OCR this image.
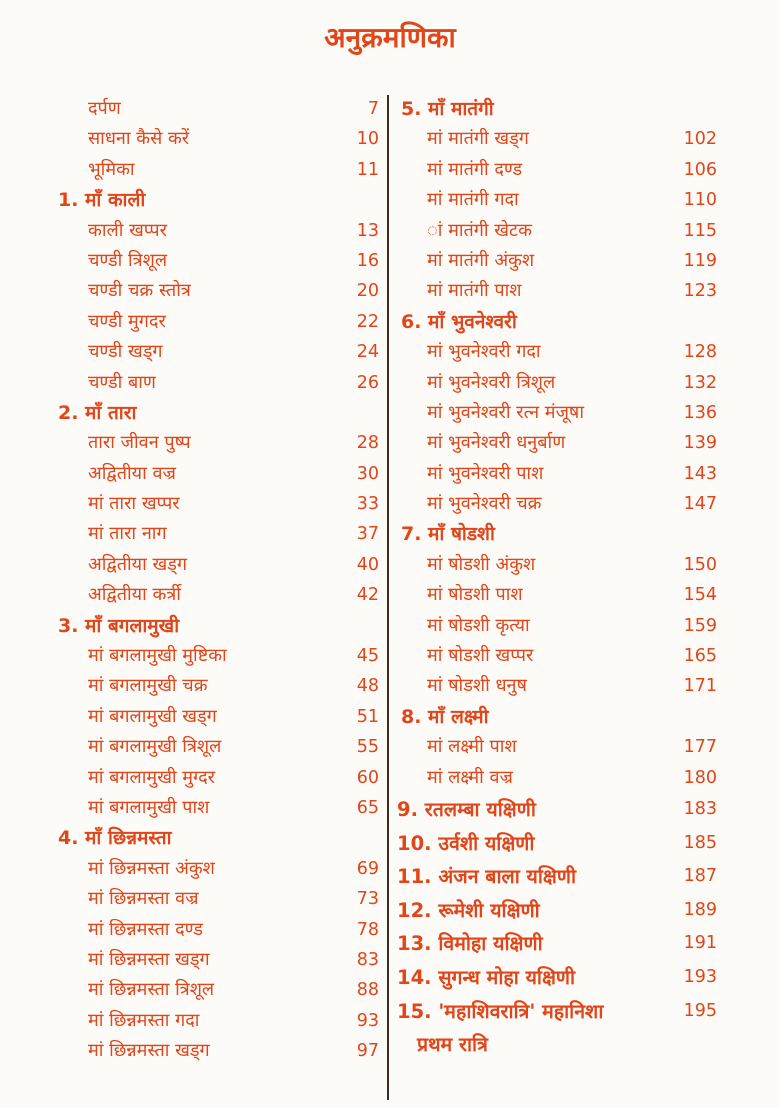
अनुक्रमणिका
दर्पण	7
साधना कैसे करें	10
भूमिका	11
1. माँ काली
काली खप्पर	13
चण्डी त्रिशूल	16
चण्डी चक्र स्तोत्र	20
चण्डी मुगदर	22
चण्डी खड्ग	24
चण्डी बाण	26
2. माँ तारा
तारा जीवन पुष्प	28
अद्वितीया वज्र	30
मां तारा खप्पर	33
मां तारा नाग	37
अद्वितीया खड्ग	40
अद्वितीया कर्त्री	42
3. माँ बगलामुखी
मां बगलामुखी मुष्टिका	45
मां बगलामुखी चक्र	48
मां बगलामुखी खड्ग	51
मां बगलामुखी त्रिशूल	55
मां बगलामुखी मुग्दर	60
मां बगलामुखी पाश	65
4. माँ छिन्नमस्ता
मां छिन्नमस्ता अंकुश	69
मां छिन्नमस्ता वज्र	73
मां छिन्नमस्ता दण्ड	78
मां छिन्नमस्ता खड्ग	83
मां छिन्नमस्ता त्रिशूल	88
मां छिन्नमस्ता गदा	93
मां छिन्नमस्ता खड्ग	97
5. माँ मातंगी
मां मातंगी खड्ग	102
मां मातंगी दण्ड	106
मां मातंगी गदा	110
ां मातंगी खेटक	115
मां मातंगी अंकुश	119
मां मातंगी पाश	123
6. माँ भुवनेश्वरी
मां भुवनेश्वरी गदा	128
मां भुवनेश्वरी त्रिशूल	132
मां भुवनेश्वरी रत्न मंजूषा	136
मां भुवनेश्वरी धनुर्बाण	139
मां भुवनेश्वरी पाश	143
मां भुवनेश्वरी चक्र	147
7. माँ षोडशी
मां षोडशी अंकुश	150
मां षोडशी पाश	154
मां षोडशी कृत्या	159
मां षोडशी खप्पर	165
मां षोडशी धनुष	171
8. माँ लक्ष्मी
मां लक्ष्मी पाश	177
मां लक्ष्मी वज्र	180
9. रतलम्बा यक्षिणी	183
10. उर्वशी यक्षिणी	185
11. अंजन बाला यक्षिणी	187
12. रूमेशी यक्षिणी	189
13. विमोहा यक्षिणी	191
14. सुगन्ध मोहा यक्षिणी	193
15. 'महाशिवरात्रि' महानिशा	195
प्रथम रात्रि
